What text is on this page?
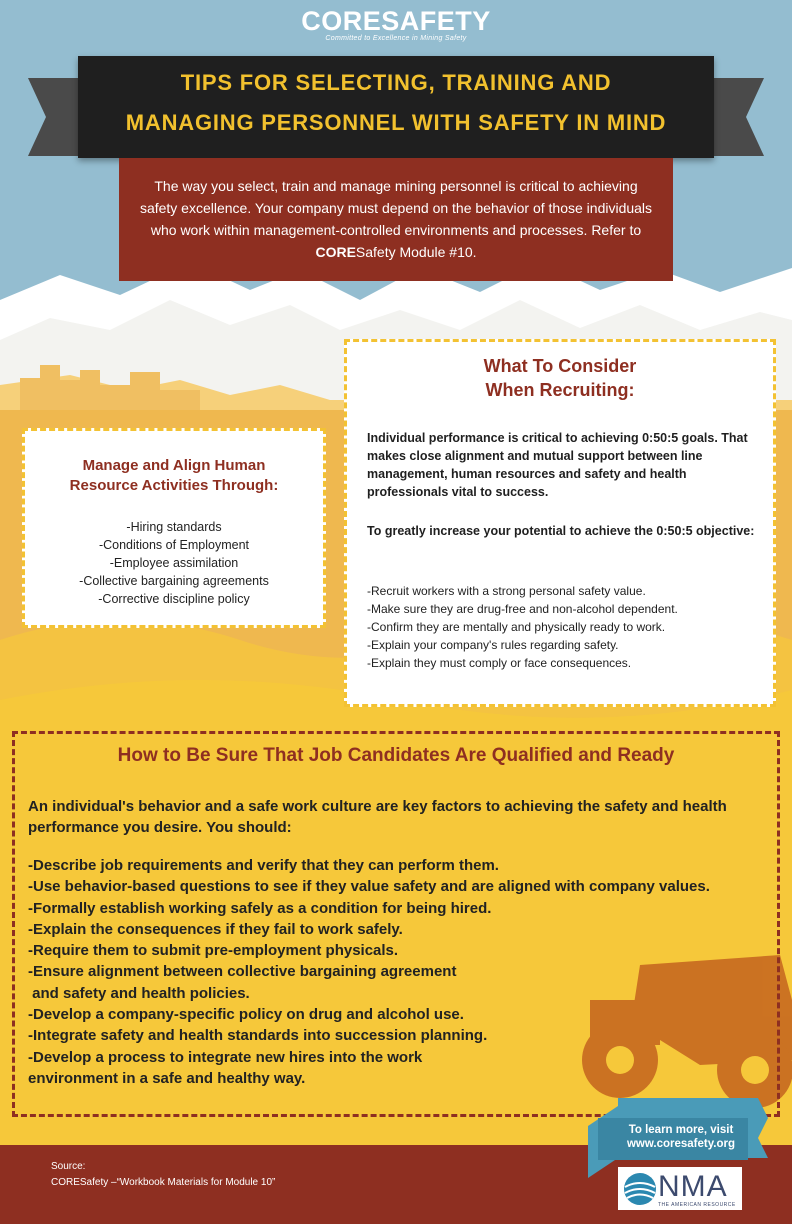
CORESAFETY
Committed to Excellence in Mining Safety
TIPS FOR SELECTING, TRAINING AND
MANAGING PERSONNEL WITH SAFETY IN MIND
The way you select, train and manage mining personnel is critical to achieving safety excellence. Your company must depend on the behavior of those individuals who work within management-controlled environments and processes. Refer to CORESafety Module #10.
What To Consider
When Recruiting:
Individual performance is critical to achieving 0:50:5 goals. That makes close alignment and mutual support between line management, human resources and safety and health professionals vital to success.
To greatly increase your potential to achieve the 0:50:5 objective:
-Recruit workers with a strong personal safety value.
-Make sure they are drug-free and non-alcohol dependent.
-Confirm they are mentally and physically ready to work.
-Explain your company's rules regarding safety.
-Explain they must comply or face consequences.
Manage and Align Human
Resource Activities Through:
-Hiring standards
-Conditions of Employment
-Employee assimilation
-Collective bargaining agreements
-Corrective discipline policy
How to Be Sure That Job Candidates Are Qualified and Ready
An individual's behavior and a safe work culture are key factors to achieving the safety and health performance you desire. You should:
-Describe job requirements and verify that they can perform them.
-Use behavior-based questions to see if they value safety and are aligned with company values.
-Formally establish working safely as a condition for being hired.
-Explain the consequences if they fail to work safely.
-Require them to submit pre-employment physicals.
-Ensure alignment between collective bargaining agreement
and safety and health policies.
-Develop a company-specific policy on drug and alcohol use.
-Integrate safety and health standards into succession planning.
-Develop a process to integrate new hires into the work
environment in a safe and healthy way.
Source:
CORESafety –“Workbook Materials for Module 10”
To learn more, visit
www.coresafety.org
NMA
THE AMERICAN RESOURCE
